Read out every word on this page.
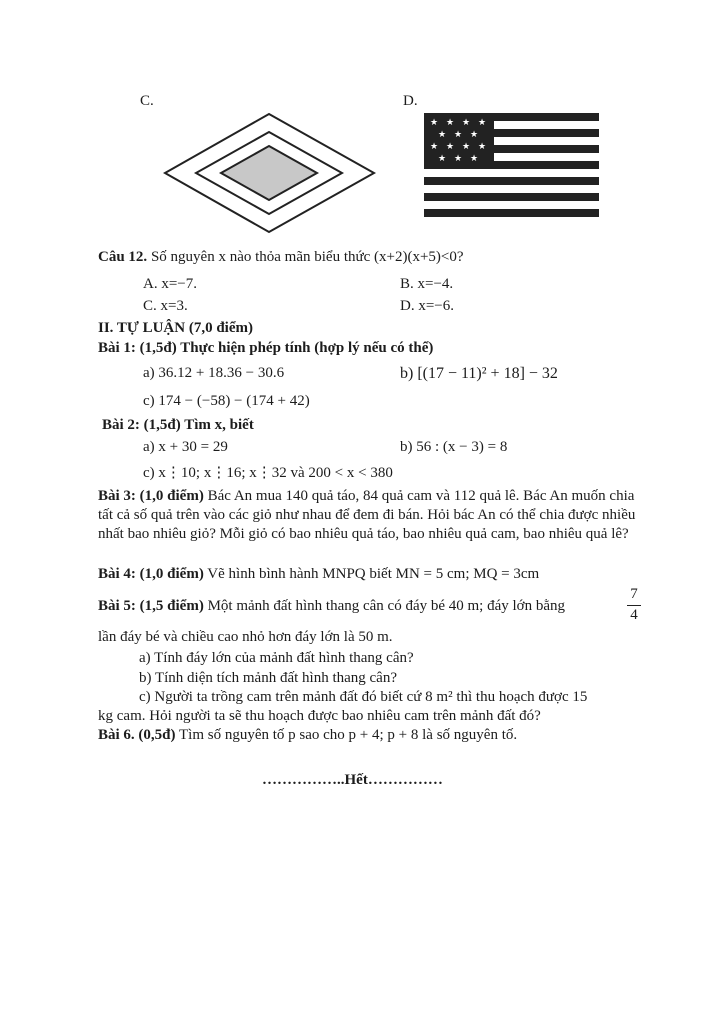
C.	D.
★ ★ ★ ★
★ ★ ★
★ ★ ★ ★
★ ★ ★
Câu 12. Số nguyên x nào thỏa mãn biểu thức (x+2)(x+5)<0?
A. x=−7.	B. x=−4.
C. x=3.	D. x=−6.
II. TỰ LUẬN (7,0 điểm)
Bài 1: (1,5đ) Thực hiện phép tính (hợp lý nếu có thể)
a) 36.12 + 18.36 − 30.6	b) [(17 − 11)² + 18] − 32
c) 174 − (−58) − (174 + 42)
Bài 2: (1,5đ) Tìm x, biết
a) x + 30 = 29	b) 56 : (x − 3) = 8
c) x⋮10; x⋮16; x⋮32 và 200 < x < 380
Bài 3: (1,0 điểm) Bác An mua 140 quả táo, 84 quả cam và 112 quả lê. Bác An muốn chia tất cả số quả trên vào các giỏ như nhau để đem đi bán. Hỏi bác An có thể chia được nhiều nhất bao nhiêu giỏ? Mỗi giỏ có bao nhiêu quả táo, bao nhiêu quả cam, bao nhiêu quả lê?
Bài 4: (1,0 điểm) Vẽ hình bình hành MNPQ biết MN = 5 cm; MQ = 3cm
Bài 5: (1,5 điểm) Một mảnh đất hình thang cân có đáy bé 40 m; đáy lớn bằng
7
4
lần đáy bé và chiều cao nhỏ hơn đáy lớn là 50 m.
a) Tính đáy lớn của mảnh đất hình thang cân?
b) Tính diện tích mảnh đất hình thang cân?
c) Người ta trồng cam trên mảnh đất đó biết cứ 8 m² thì thu hoạch được 15
kg cam. Hỏi người ta sẽ thu hoạch được bao nhiêu cam trên mảnh đất đó?
Bài 6. (0,5đ) Tìm số nguyên tố p sao cho p + 4; p + 8 là số nguyên tố.
……………..Hết……………
